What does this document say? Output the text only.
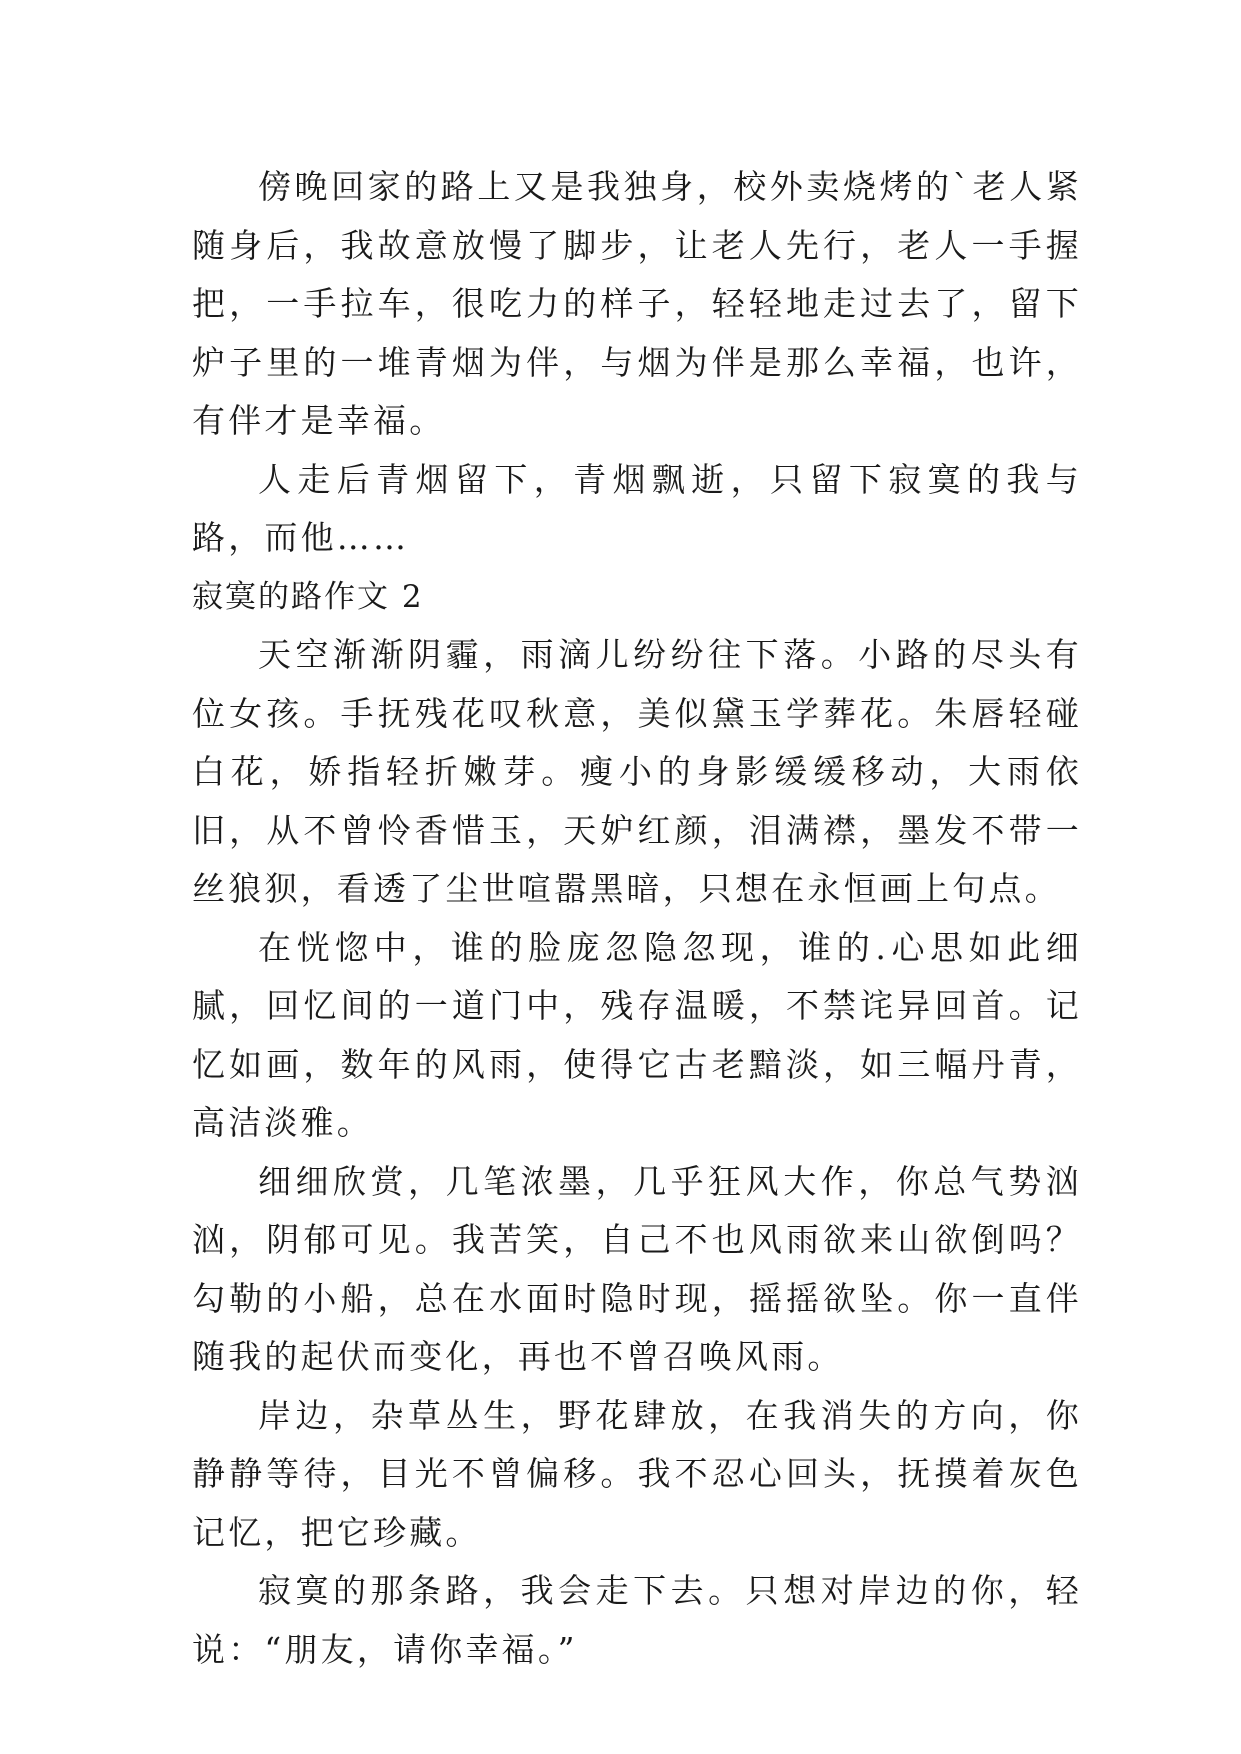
傍晚回家的路上又是我独身，校外卖烧烤的`老人紧随身后，我故意放慢了脚步，让老人先行，老人一手握把，一手拉车，很吃力的样子，轻轻地走过去了，留下炉子里的一堆青烟为伴，与烟为伴是那么幸福，也许，有伴才是幸福。

人走后青烟留下，青烟飘逝，只留下寂寞的我与路，而他……

寂寞的路作文 2

天空渐渐阴霾，雨滴儿纷纷往下落。小路的尽头有位女孩。手抚残花叹秋意，美似黛玉学葬花。朱唇轻碰白花，娇指轻折嫩芽。瘦小的身影缓缓移动，大雨依旧，从不曾怜香惜玉，天妒红颜，泪满襟，墨发不带一丝狼狈，看透了尘世喧嚣黑暗，只想在永恒画上句点。

在恍惚中，谁的脸庞忽隐忽现，谁的.心思如此细腻，回忆间的一道门中，残存温暖，不禁诧异回首。记忆如画，数年的风雨，使得它古老黯淡，如三幅丹青，高洁淡雅。

细细欣赏，几笔浓墨，几乎狂风大作，你总气势汹汹，阴郁可见。我苦笑，自己不也风雨欲来山欲倒吗？勾勒的小船，总在水面时隐时现，摇摇欲坠。你一直伴随我的起伏而变化，再也不曾召唤风雨。

岸边，杂草丛生，野花肆放，在我消失的方向，你静静等待，目光不曾偏移。我不忍心回头，抚摸着灰色记忆，把它珍藏。

寂寞的那条路，我会走下去。只想对岸边的你，轻说：“朋友，请你幸福。”
